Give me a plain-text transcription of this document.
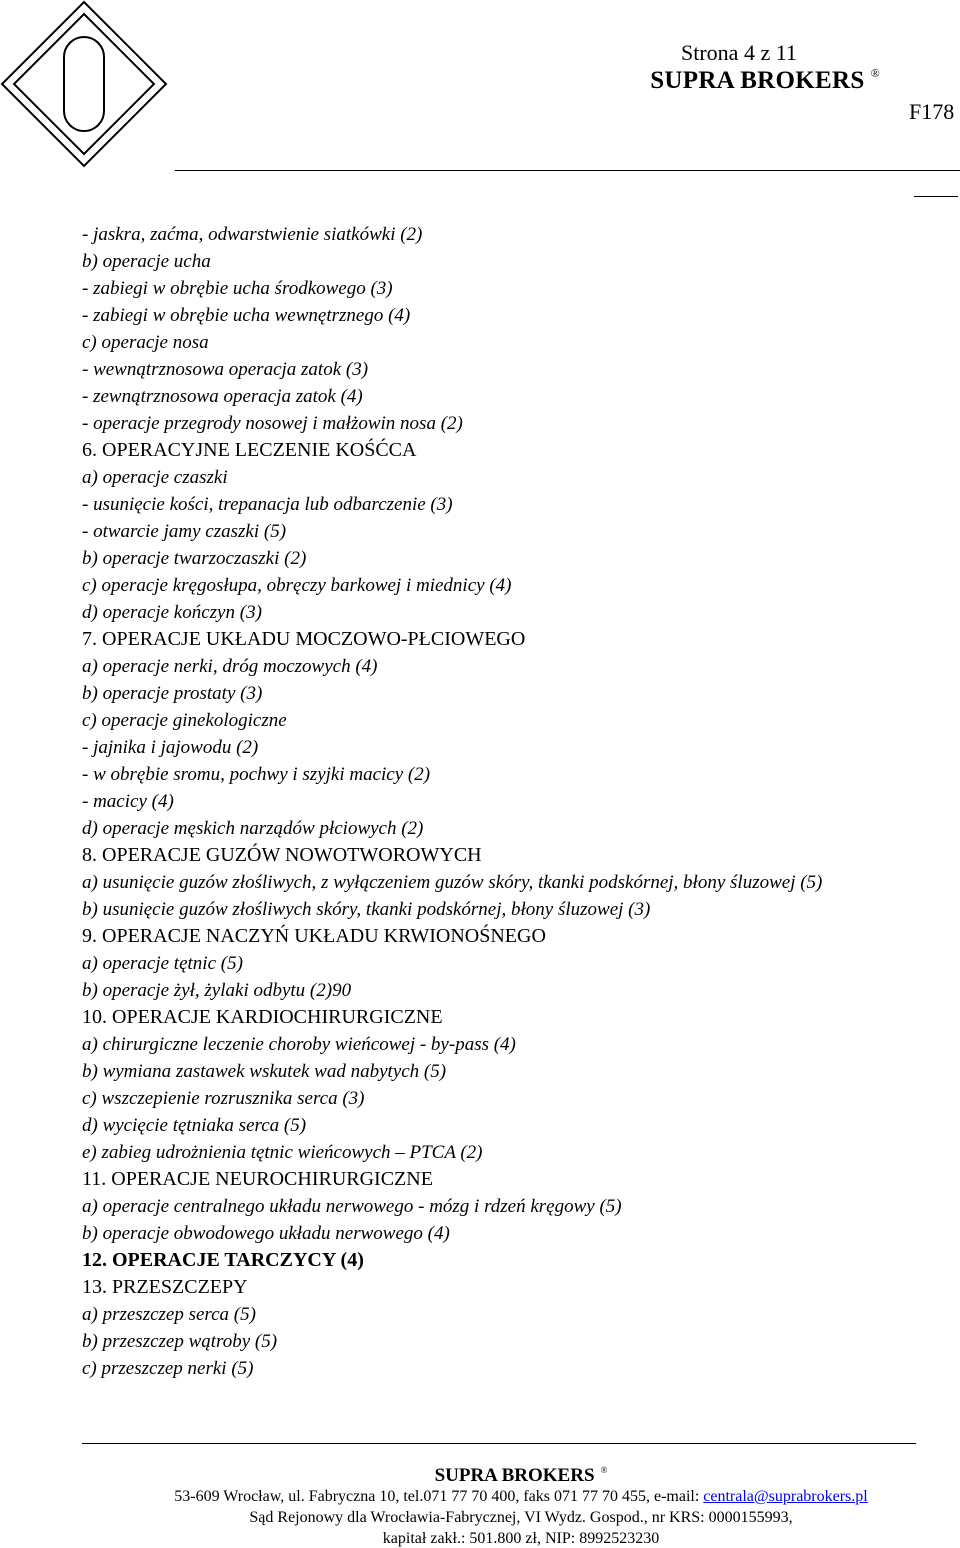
SUPRA BROKERS ®
Strona 4 z 11
F178
- jaskra, zaćma, odwarstwienie siatkówki (2)
b) operacje ucha
- zabiegi w obrębie ucha środkowego (3)
- zabiegi w obrębie ucha wewnętrznego (4)
c) operacje nosa
- wewnątrznosowa operacja zatok (3)
- zewnątrznosowa operacja zatok (4)
- operacje przegrody nosowej i małżowin nosa (2)
6. OPERACYJNE LECZENIE KOŚĆCA
a) operacje czaszki
- usunięcie kości, trepanacja lub odbarczenie (3)
- otwarcie jamy czaszki (5)
b) operacje twarzoczaszki (2)
c) operacje kręgosłupa, obręczy barkowej i miednicy (4)
d) operacje kończyn (3)
7. OPERACJE UKŁADU MOCZOWO-PŁCIOWEGO
a) operacje nerki, dróg moczowych (4)
b) operacje prostaty (3)
c) operacje ginekologiczne
- jajnika i jajowodu (2)
- w obrębie sromu, pochwy i szyjki macicy (2)
- macicy (4)
d) operacje męskich narządów płciowych (2)
8. OPERACJE GUZÓW NOWOTWOROWYCH
a) usunięcie guzów złośliwych, z wyłączeniem guzów skóry, tkanki podskórnej, błony śluzowej (5)
b) usunięcie guzów złośliwych skóry, tkanki podskórnej, błony śluzowej (3)
9. OPERACJE NACZYŃ UKŁADU KRWIONOŚNEGO
a) operacje tętnic (5)
b) operacje żył, żylaki odbytu (2)90
10. OPERACJE KARDIOCHIRURGICZNE
a) chirurgiczne leczenie choroby wieńcowej - by-pass (4)
b) wymiana zastawek wskutek wad nabytych (5)
c) wszczepienie rozrusznika serca (3)
d) wycięcie tętniaka serca (5)
e) zabieg udrożnienia tętnic wieńcowych – PTCA (2)
11. OPERACJE NEUROCHIRURGICZNE
a) operacje centralnego układu nerwowego - mózg i rdzeń kręgowy (5)
b) operacje obwodowego układu nerwowego (4)
12. OPERACJE TARCZYCY (4)
13. PRZESZCZEPY
a) przeszczep serca (5)
b) przeszczep wątroby (5)
c) przeszczep nerki (5)
SUPRA BROKERS ®
53-609 Wrocław, ul. Fabryczna 10, tel.071 77 70 400, faks 071 77 70 455, e-mail: centrala@suprabrokers.pl
Sąd Rejonowy dla Wrocławia-Fabrycznej, VI Wydz. Gospod., nr KRS: 0000155993,
kapitał zakł.: 501.800 zł, NIP: 8992523230
